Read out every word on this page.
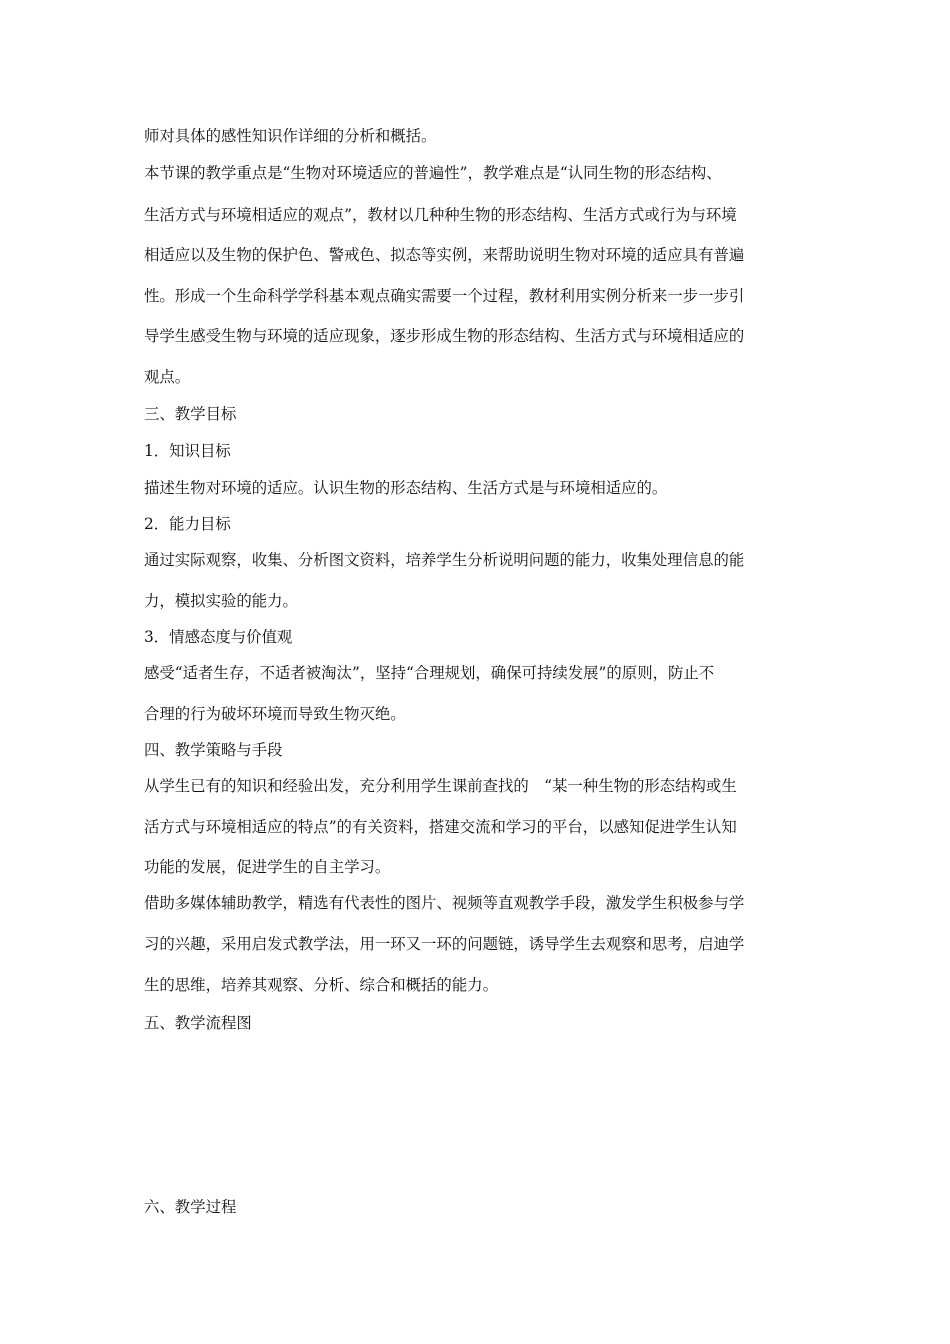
师对具体的感性知识作详细的分析和概括。
本节课的教学重点是“生物对环境适应的普遍性”，教学难点是“认同生物的形态结构、
生活方式与环境相适应的观点”，教材以几种种生物的形态结构、生活方式或行为与环境
相适应以及生物的保护色、警戒色、拟态等实例，来帮助说明生物对环境的适应具有普遍
性。形成一个生命科学学科基本观点确实需要一个过程，教材利用实例分析来一步一步引
导学生感受生物与环境的适应现象，逐步形成生物的形态结构、生活方式与环境相适应的
观点。
三、教学目标
1．知识目标
描述生物对环境的适应。认识生物的形态结构、生活方式是与环境相适应的。
2．能力目标
通过实际观察，收集、分析图文资料，培养学生分析说明问题的能力，收集处理信息的能
力，模拟实验的能力。
3．情感态度与价值观
感受“适者生存，不适者被淘汰”，坚持“合理规划，确保可持续发展”的原则，防止不
合理的行为破坏环境而导致生物灭绝。
四、教学策略与手段
从学生已有的知识和经验出发，充分利用学生课前查找的　“某一种生物的形态结构或生
活方式与环境相适应的特点”的有关资料，搭建交流和学习的平台，以感知促进学生认知
功能的发展，促进学生的自主学习。
借助多媒体辅助教学，精选有代表性的图片、视频等直观教学手段，激发学生积极参与学
习的兴趣，采用启发式教学法，用一环又一环的问题链，诱导学生去观察和思考，启迪学
生的思维，培养其观察、分析、综合和概括的能力。
五、教学流程图
六、教学过程
